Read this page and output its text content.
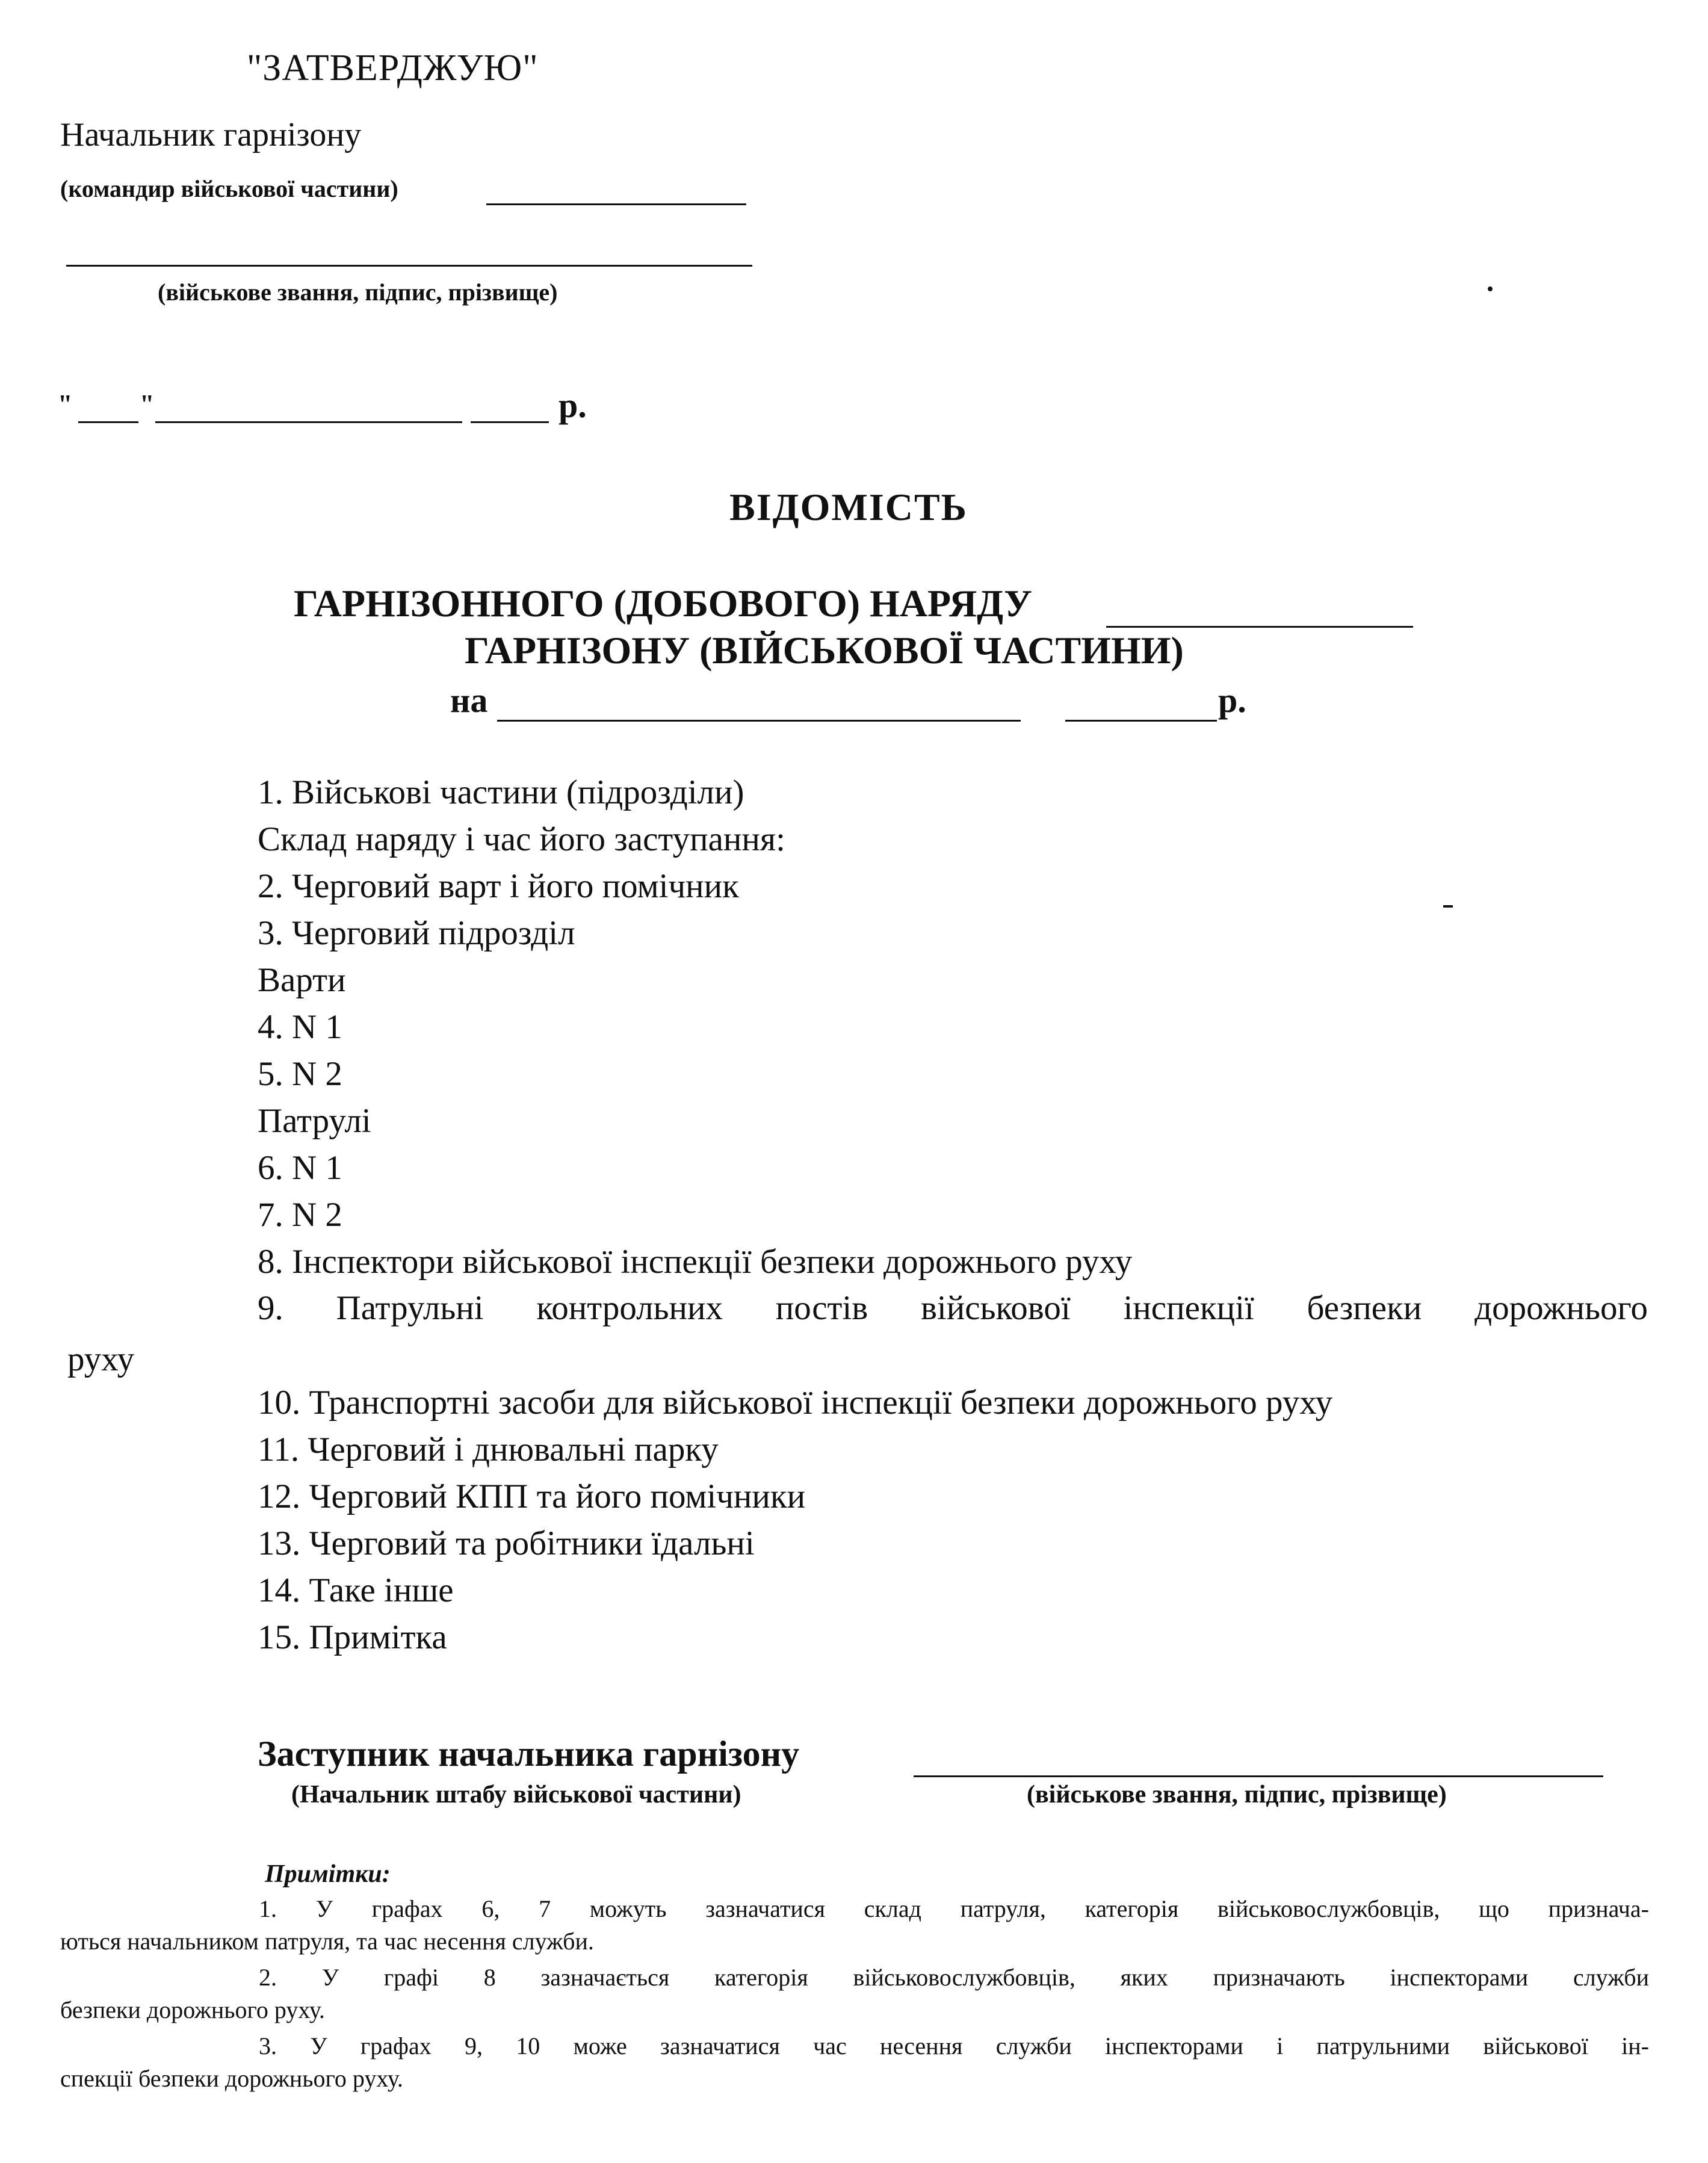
"ЗАТВЕРДЖУЮ"
Начальник гарнізону
(командир військової частини)
(військове звання, підпис, прізвище)
"	"	р.
ВІДОМІСТЬ
ГАРНІЗОННОГО (ДОБОВОГО) НАРЯДУ
ГАРНІЗОНУ (ВІЙСЬКОВОЇ ЧАСТИНИ)
на	р.
1. Військові частини (підрозділи)
Склад наряду і час його заступання:
2. Черговий варт і його помічник
3. Черговий підрозділ
Варти
4. N 1
5. N 2
Патрулі
6. N 1
7. N 2
8. Інспектори військової інспекції безпеки дорожнього руху
9. Патрульні контрольних постів військової інспекції безпеки дорожнього
руху
10. Транспортні засоби для військової інспекції безпеки дорожнього руху
11. Черговий і днювальні парку
12. Черговий КПП та його помічники
13. Черговий та робітники їдальні
14. Таке інше
15. Примітка
Заступник начальника гарнізону
(Начальник штабу військової частини)	(військове звання, підпис, прізвище)
Примітки:
1. У графах 6, 7 можуть зазначатися склад патруля, категорія військовослужбовців, що признача-
ються начальником патруля, та час несення служби.
2. У графі 8 зазначається категорія військовослужбовців, яких призначають інспекторами служби
безпеки дорожнього руху.
3. У графах 9, 10 може зазначатися час несення служби інспекторами і патрульними військової ін-
спекції безпеки дорожнього руху.
